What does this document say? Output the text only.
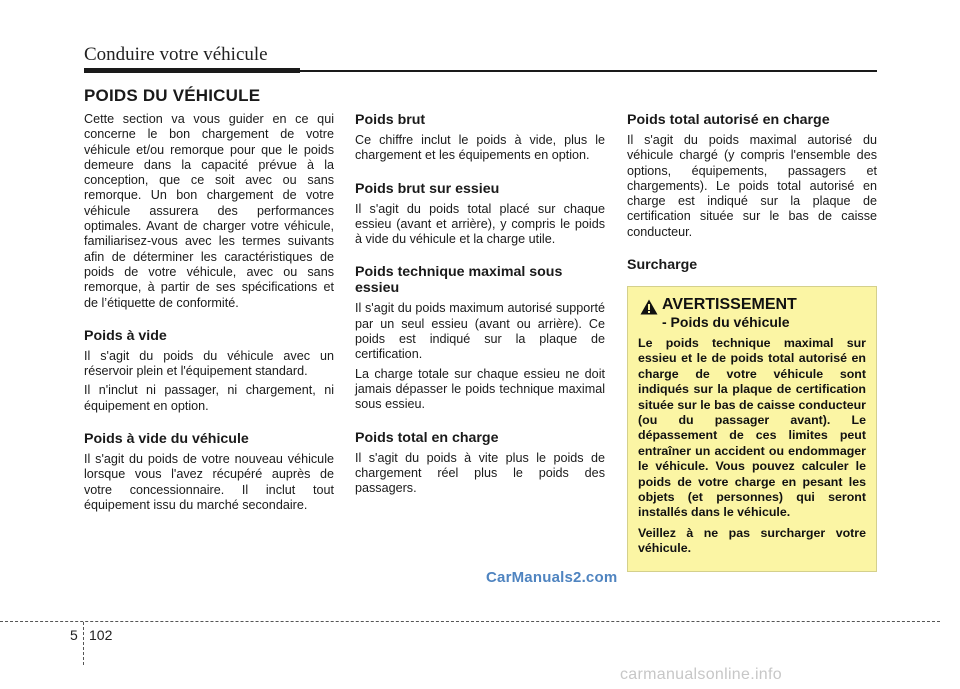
Conduire votre véhicule
POIDS DU VÉHICULE

Cette section va vous guider en ce qui concerne le bon chargement de votre véhicule et/ou remorque pour que le poids demeure dans la capacité prévue à la conception, que ce soit avec ou sans remorque. Un bon chargement de votre véhicule assurera des performances optimales. Avant de charger votre véhicule, familiarisez-vous avec les termes suivants afin de déterminer les caractéristiques de poids de votre véhicule, avec ou sans remorque, à partir de ses spécifications et de l’étiquette de conformité.

Poids à vide

Il s'agit du poids du véhicule avec un réservoir plein et l'équipement standard.

Il n'inclut ni passager, ni chargement, ni équipement en option.

Poids à vide du véhicule

Il s'agit du poids de votre nouveau véhicule lorsque vous l'avez récupéré auprès de votre concessionnaire. Il inclut tout équipement issu du marché secondaire.

Poids brut

Ce chiffre inclut le poids à vide, plus le chargement et les équipements en option.

Poids brut sur essieu

Il s'agit du poids total placé sur chaque essieu (avant et arrière), y compris le poids à vide du véhicule et la charge utile.

Poids technique maximal sous essieu

Il s'agit du poids maximum autorisé supporté par un seul essieu (avant ou arrière). Ce poids est indiqué sur la plaque de certification.

La charge totale sur chaque essieu ne doit jamais dépasser le poids technique maximal sous essieu.

Poids total en charge

Il s'agit du poids à vite plus le poids de chargement réel plus le poids des passagers.

Poids total autorisé en charge

Il s'agit du poids maximal autorisé du véhicule chargé (y compris l'ensemble des options, équipements, passagers et chargements). Le poids total autorisé en charge est indiqué sur la plaque de certification située sur le bas de caisse conducteur.

Surcharge
AVERTISSEMENT
- Poids du véhicule

Le poids technique maximal sur essieu et le de poids total autorisé en charge de votre véhicule sont indiqués sur la plaque de certification située sur le bas de caisse conducteur (ou du passager avant). Le dépassement de ces limites peut entraîner un accident ou endommager le véhicule. Vous pouvez calculer le poids de votre charge en pesant les objets (et personnes) qui seront installés dans le véhicule.

Veillez à ne pas surcharger votre véhicule.

CarManuals2.com
5 102
carmanualsonline.info
